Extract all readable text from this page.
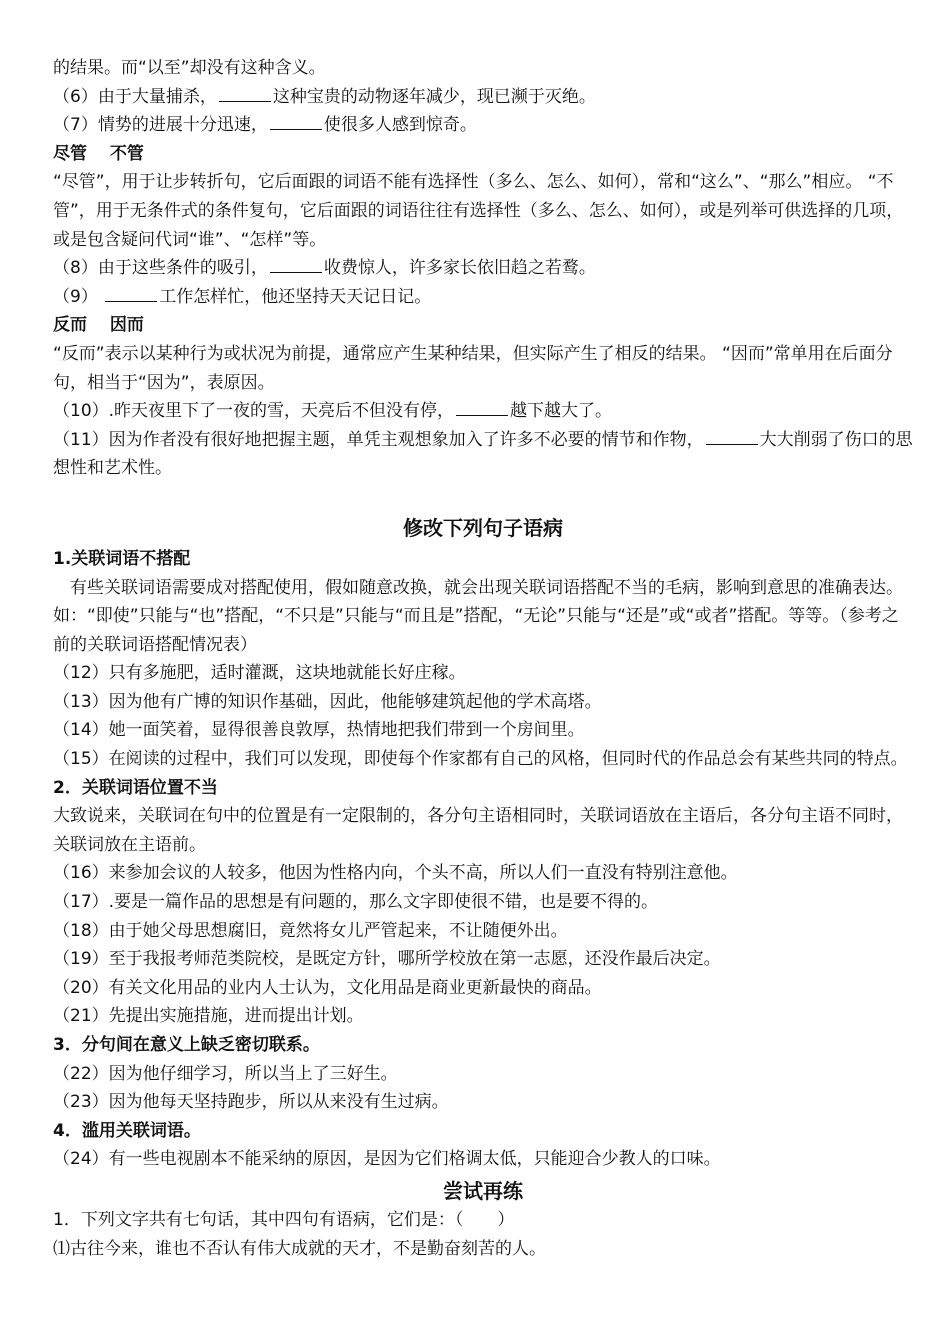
的结果。而“以至”却没有这种含义。
（6）由于大量捕杀，	这种宝贵的动物逐年减少，现已濒于灭绝。
（7）情势的进展十分迅速，	使很多人感到惊奇。
尽管　 不管
“尽管”，用于让步转折句，它后面跟的词语不能有选择性（多么、怎么、如何），常和“这么”、“那么”相应。 “不管”，用于无条件式的条件复句，它后面跟的词语往往有选择性（多么、怎么、如何），或是列举可供选择的几项，或是包含疑问代词“谁”、“怎样”等。
（8）由于这些条件的吸引，	收费惊人，许多家长依旧趋之若鹜。
（9）	工作怎样忙，他还坚持天天记日记。
反而　 因而
“反而”表示以某种行为或状况为前提，通常应产生某种结果，但实际产生了相反的结果。 “因而”常单用在后面分句，相当于“因为”，表原因。
（10）.昨天夜里下了一夜的雪，天亮后不但没有停，	越下越大了。
（11）因为作者没有很好地把握主题，单凭主观想象加入了许多不必要的情节和作物，	大大削弱了伤口的思想性和艺术性。
修改下列句子语病
1.关联词语不搭配
有些关联词语需要成对搭配使用，假如随意改换，就会出现关联词语搭配不当的毛病，影响到意思的准确表达。如：“即使”只能与“也”搭配，“不只是”只能与“而且是”搭配，“无论”只能与“还是”或“或者”搭配。等等。（参考之前的关联词语搭配情况表）
（12）只有多施肥，适时灌溉，这块地就能长好庄稼。
（13）因为他有广博的知识作基础，因此，他能够建筑起他的学术高塔。
（14）她一面笑着，显得很善良敦厚，热情地把我们带到一个房间里。
（15）在阅读的过程中，我们可以发现，即使每个作家都有自己的风格，但同时代的作品总会有某些共同的特点。
2．关联词语位置不当
大致说来，关联词在句中的位置是有一定限制的，各分句主语相同时，关联词语放在主语后，各分句主语不同时，关联词放在主语前。
（16）来参加会议的人较多，他因为性格内向，个头不高，所以人们一直没有特别注意他。
（17）.要是一篇作品的思想是有问题的，那么文字即使很不错，也是要不得的。
（18）由于她父母思想腐旧，竟然将女儿严管起来，不让随便外出。
（19）至于我报考师范类院校，是既定方针，哪所学校放在第一志愿，还没作最后决定。
（20）有关文化用品的业内人士认为，文化用品是商业更新最快的商品。
（21）先提出实施措施，进而提出计划。
3．分句间在意义上缺乏密切联系。
（22）因为他仔细学习，所以当上了三好生。
（23）因为他每天坚持跑步，所以从来没有生过病。
4．滥用关联词语。
（24）有一些电视剧本不能采纳的原因，是因为它们格调太低，只能迎合少教人的口味。
尝试再练
1．下列文字共有七句话，其中四句有语病，它们是：（　　）
⑴古往今来，谁也不否认有伟大成就的天才，不是勤奋刻苦的人。
